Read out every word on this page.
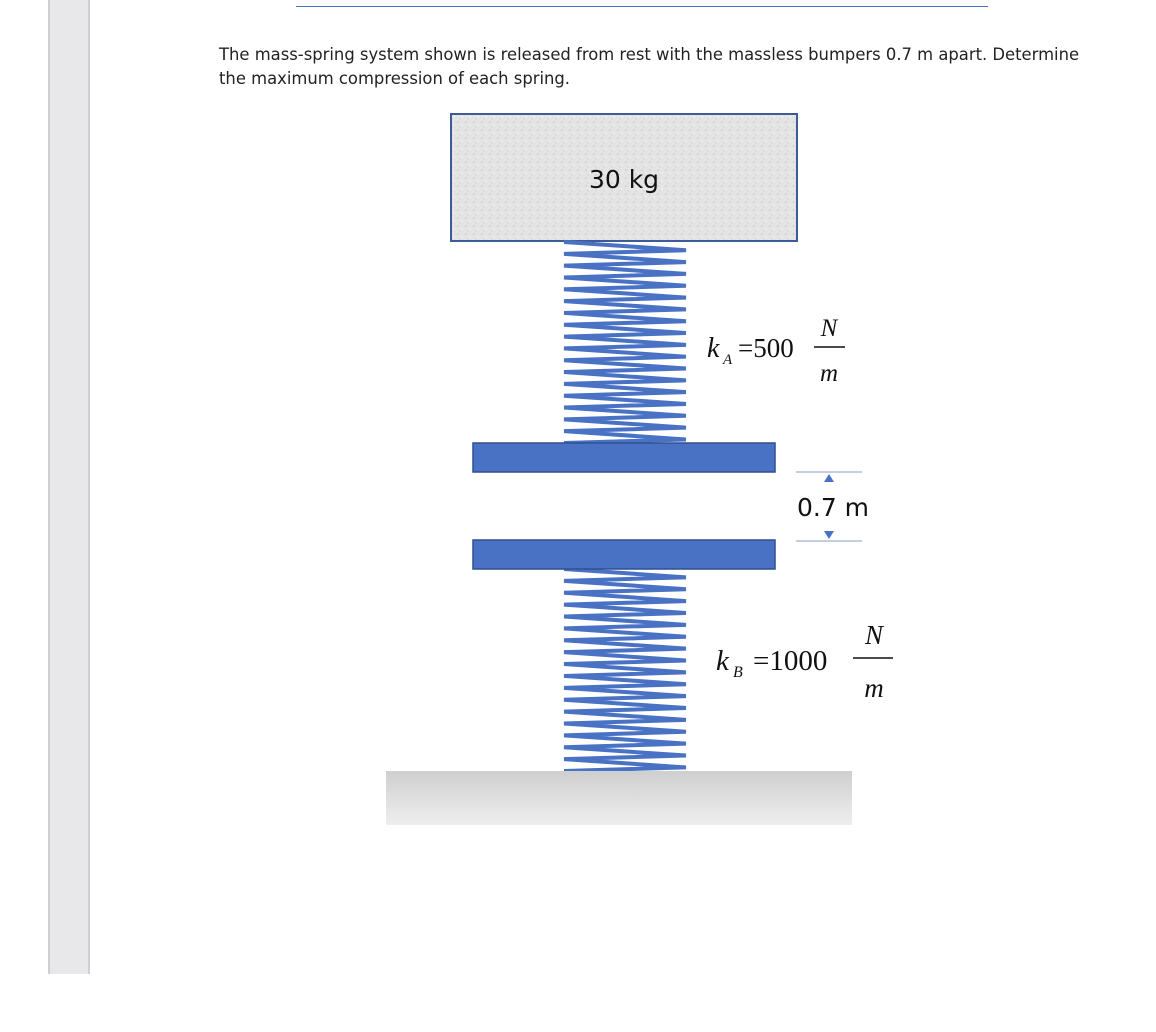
The mass-spring system shown is released from rest with the massless bumpers 0.7 m apart. Determine the maximum compression of each spring.
30 kg
k A =500
N
m
0.7 m
k B =1000
N
m
